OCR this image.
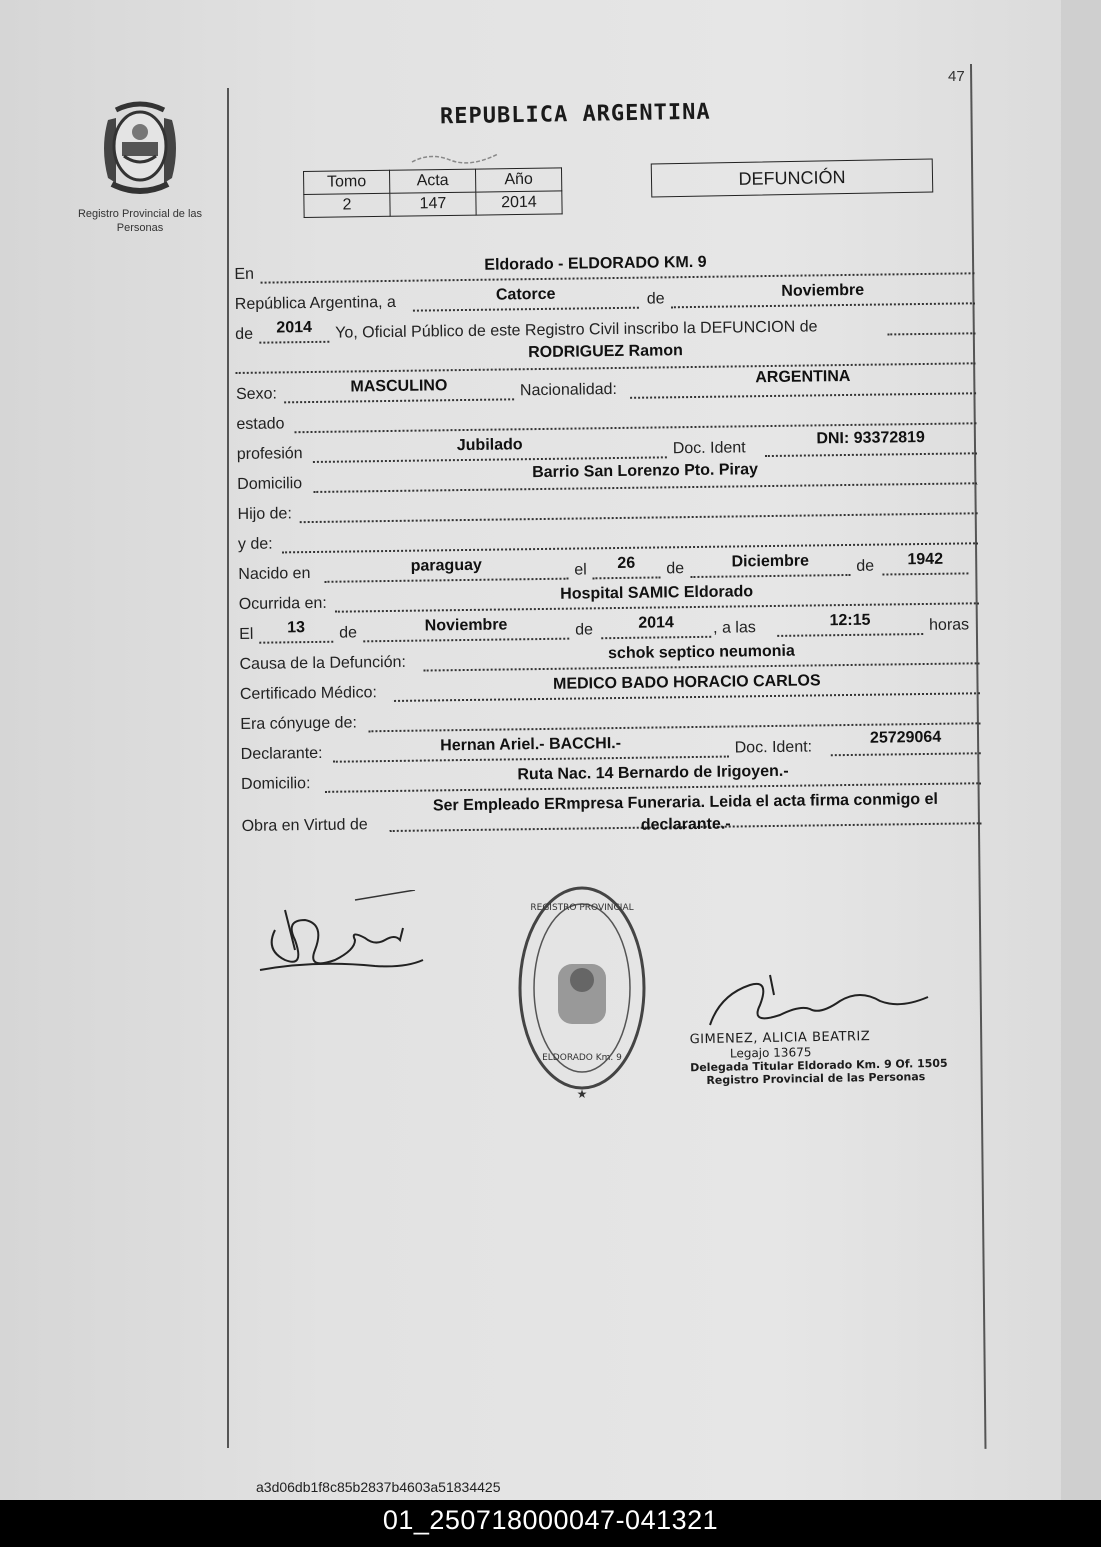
47
Registro Provincial de las Personas
REPUBLICA ARGENTINA
Tomo	Acta	Año
2	147	2014
DEFUNCIÓN
En
Eldorado - ELDORADO KM. 9
República Argentina, a	Catorce	de	Noviembre
de	2014	Yo, Oficial Público de este Registro Civil inscribo la DEFUNCION de
RODRIGUEZ Ramon
Sexo:	MASCULINO	Nacionalidad:
ARGENTINA
estado
profesión	Jubilado	Doc. Ident
DNI: 93372819
Domicilio
Barrio San Lorenzo Pto. Piray
Hijo de:
y de:
Nacido en	paraguay	el	26	de	Diciembre	de	1942
Ocurrida en:
Hospital SAMIC Eldorado
El	13	de	Noviembre	de	2014	, a las	12:15	horas
Causa de la Defunción:
schok septico neumonia
Certificado Médico:
MEDICO BADO HORACIO CARLOS
Era cónyuge de:
Declarante:	Hernan Ariel.- BACCHI.-	Doc. Ident:
25729064
Domicilio:
Ruta Nac. 14 Bernardo de Irigoyen.-
Obra en Virtud de
Ser Empleado ERmpresa Funeraria. Leida el acta firma conmigo el
declarante.-
REGISTRO PROVINCIAL
ELDORADO Km. 9
★
GIMENEZ, ALICIA BEATRIZ
Legajo 13675
Delegada Titular Eldorado Km. 9 Of. 1505
Registro Provincial de las Personas
a3d06db1f8c85b2837b4603a51834425
01_250718000047-041321
